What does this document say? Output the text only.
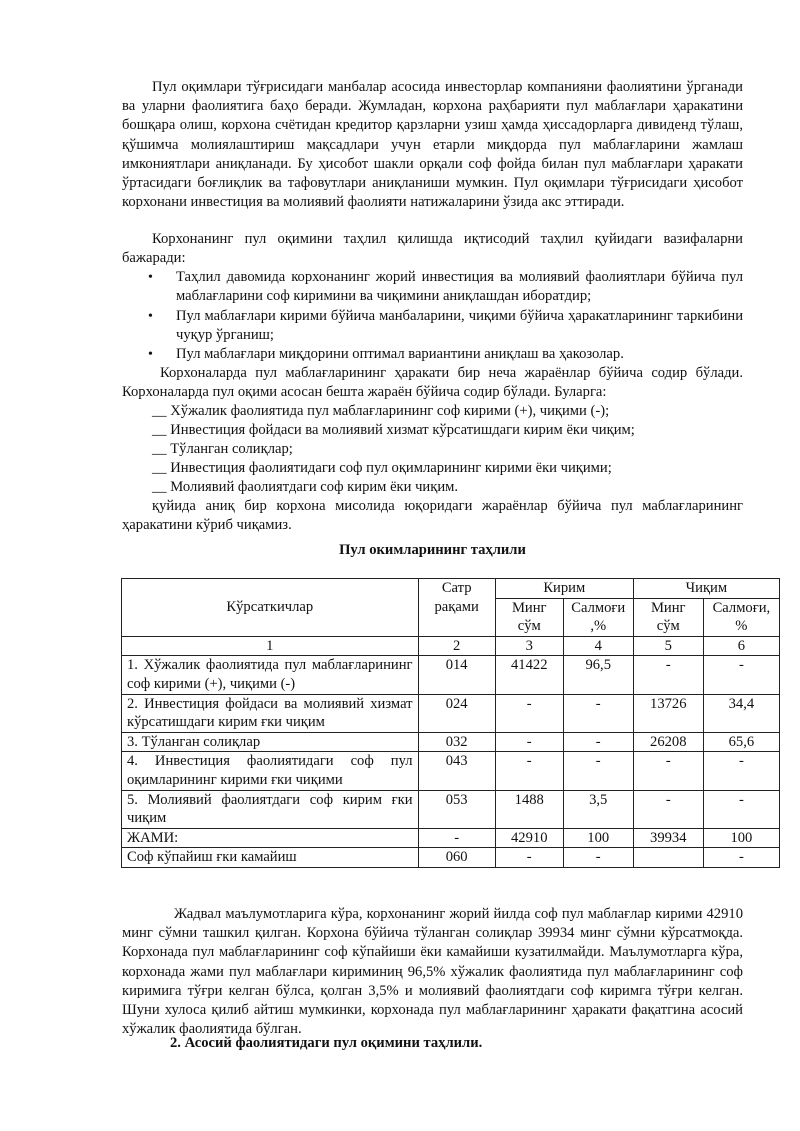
Пул оқимлари тўғрисидаги манбалар асосида инвесторлар компанияни фаолиятини ўрганади ва уларни фаолиятига баҳо беради. Жумладан, корхона раҳбарияти пул маблағлари ҳаракатини бошқара олиш, корхона счётидан кредитор қарзларни узиш ҳамда ҳиссадорларга дивиденд тўлаш, қўшимча молиялаштириш мақсадлари учун етарли миқдорда пул маблағларини жамлаш имкониятлари аниқланади. Бу ҳисобот шакли орқали соф фойда билан пул маблағлари ҳаракати ўртасидаги боғлиқлик ва тафовутлари аниқланиши мумкин. Пул оқимлари тўғрисидаги ҳисобот корхонани инвестиция ва молиявий фаолияти натижаларини ўзида акс эттиради.

Корхонанинг пул оқимини таҳлил қилишда иқтисодий таҳлил қуйидаги вазифаларни бажаради:

• Таҳлил давомида корхонанинг жорий инвестиция ва молиявий фаолиятлари бўйича пул маблағларини соф киримини ва чиқимини аниқлашдан иборатдир;
• Пул маблағлари кирими бўйича манбаларини, чиқими бўйича ҳаракатларининг таркибини чуқур ўрганиш;
• Пул маблағлари миқдорини оптимал вариантини аниқлаш ва ҳакозолар.

Корхоналарда пул маблағларининг ҳаракати бир неча жараёнлар бўйича содир бўлади. Корхоналарда пул оқими асосан бешта жараён бўйича содир бўлади. Буларга:

__ Хўжалик фаолиятида пул маблағларининг соф кирими (+), чиқими (-);

__ Инвестиция фойдаси ва молиявий хизмат кўрсатишдаги кирим ёки чиқим;

__ Тўланган солиқлар;

__ Инвестиция фаолиятидаги соф пул оқимларининг кирими ёки чиқими;

__ Молиявий фаолиятдаги соф кирим ёки чиқим.

қуйида аниқ бир корхона мисолида юқоридаги жараёнлар бўйича пул маблағларининг ҳаракатини кўриб чиқамиз.

Пул окимларининг таҳлили

Кўрсаткичлар	Сатр рақами	Кирим		Чиқим	
		Минг сўм	Салмоғи ,%	Минг сўм	Салмоғи, %
1	2	3	4	5	6
1. Хўжалик фаолиятида пул маблағларининг соф кирими (+), чиқими (-)	014	41422	96,5	-	-
2. Инвестиция фойдаси ва молиявий хизмат кўрсатишдаги кирим ғки чиқим	024	-	-	13726	34,4
3. Тўланган солиқлар	032	-	-	26208	65,6
4. Инвестиция фаолиятидаги соф пул оқимларининг кирими ғки чиқими	043	-	-	-	-
5. Молиявий фаолиятдаги соф кирим ғки чиқим	053	1488	3,5	-	-
ЖАМИ:	-	42910	100	39934	100
Соф кўпайиш ғки камайиш	060	-	-		-

Жадвал маълумотларига кўра, корхонанинг жорий йилда соф пул маблағлар кирими 42910 минг сўмни ташкил қилган. Корхона бўйича тўланган солиқлар 39934 минг сўмни кўрсатмоқда. Корхонада пул маблағларининг соф кўпайиши ёки камайиши кузатилмайди. Маълумотларга кўра, корхонада жами пул маблағлари кириминиң 96,5% хўжалик фаолиятида пул маблағларининг соф киримига тўғри келган бўлса, қолган 3,5% и молиявий фаолиятдаги соф киримга тўғри келган. Шуни хулоса қилиб айтиш мумкинки, корхонада пул маблағларининг ҳаракати фақатгина асосий хўжалик фаолиятида бўлган.

2. Асосий фаолиятидаги пул оқимини таҳлили.
